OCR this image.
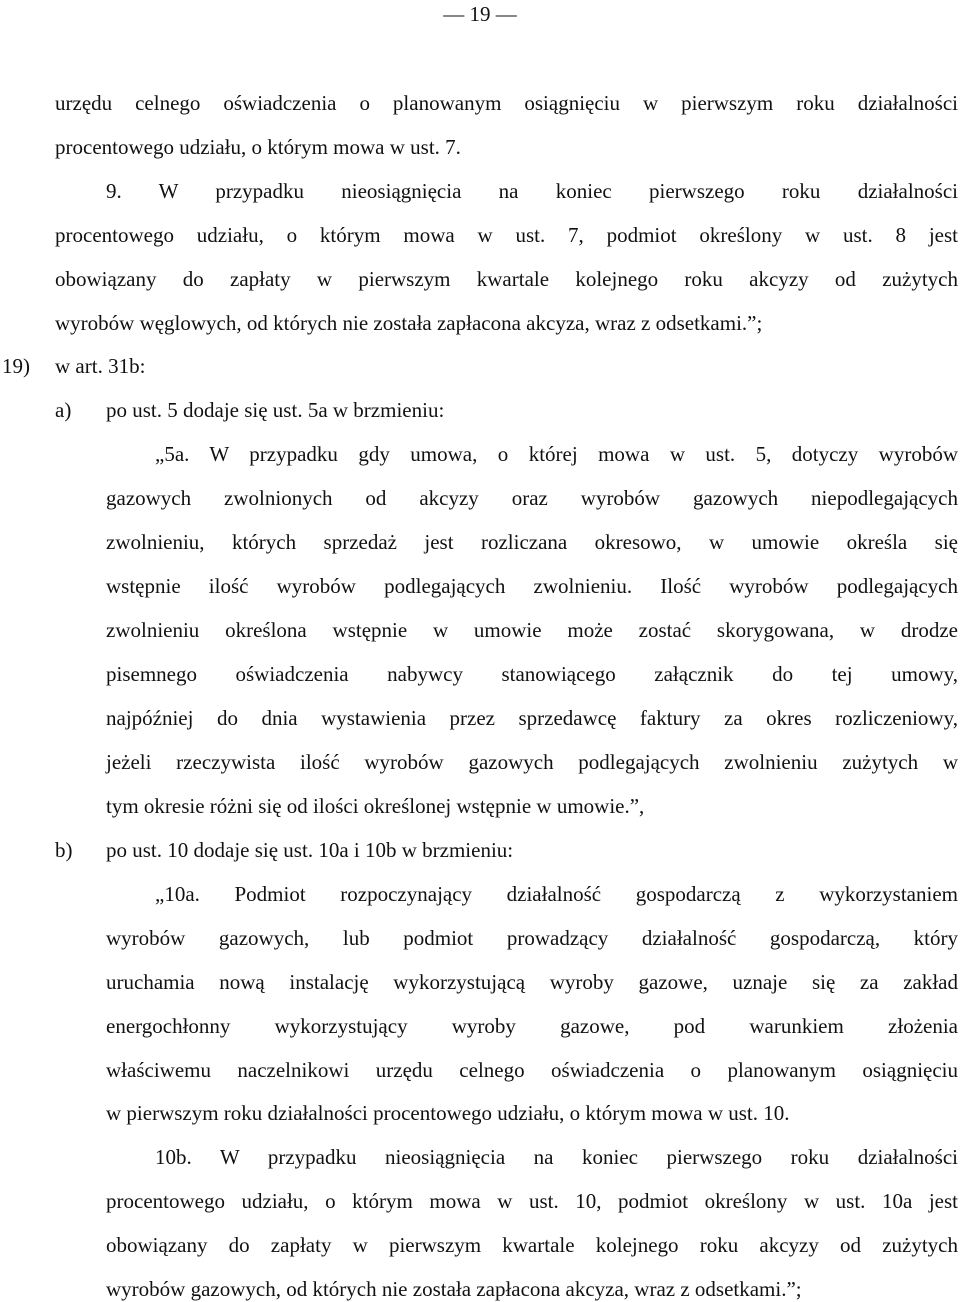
— 19 —
urzędu celnego oświadczenia o planowanym osiągnięciu w pierwszym roku działalności
procentowego udziału, o którym mowa w ust. 7.
9. W przypadku nieosiągnięcia na koniec pierwszego roku działalności
procentowego udziału, o którym mowa w ust. 7, podmiot określony w ust. 8 jest
obowiązany do zapłaty w pierwszym kwartale kolejnego roku akcyzy od zużytych
wyrobów węglowych, od których nie została zapłacona akcyza, wraz z odsetkami.”;
19) w art. 31b:
a) po ust. 5 dodaje się ust. 5a w brzmieniu:
„5a. W przypadku gdy umowa, o której mowa w ust. 5, dotyczy wyrobów
gazowych zwolnionych od akcyzy oraz wyrobów gazowych niepodlegających
zwolnieniu, których sprzedaż jest rozliczana okresowo, w umowie określa się
wstępnie ilość wyrobów podlegających zwolnieniu. Ilość wyrobów podlegających
zwolnieniu określona wstępnie w umowie może zostać skorygowana, w drodze
pisemnego oświadczenia nabywcy stanowiącego załącznik do tej umowy,
najpóźniej do dnia wystawienia przez sprzedawcę faktury za okres rozliczeniowy,
jeżeli rzeczywista ilość wyrobów gazowych podlegających zwolnieniu zużytych w
tym okresie różni się od ilości określonej wstępnie w umowie.”,
b) po ust. 10 dodaje się ust. 10a i 10b w brzmieniu:
„10a. Podmiot rozpoczynający działalność gospodarczą z wykorzystaniem
wyrobów gazowych, lub podmiot prowadzący działalność gospodarczą, który
uruchamia nową instalację wykorzystującą wyroby gazowe, uznaje się za zakład
energochłonny wykorzystujący wyroby gazowe, pod warunkiem złożenia
właściwemu naczelnikowi urzędu celnego oświadczenia o planowanym osiągnięciu
w pierwszym roku działalności procentowego udziału, o którym mowa w ust. 10.
10b. W przypadku nieosiągnięcia na koniec pierwszego roku działalności
procentowego udziału, o którym mowa w ust. 10, podmiot określony w ust. 10a jest
obowiązany do zapłaty w pierwszym kwartale kolejnego roku akcyzy od zużytych
wyrobów gazowych, od których nie została zapłacona akcyza, wraz z odsetkami.”;
